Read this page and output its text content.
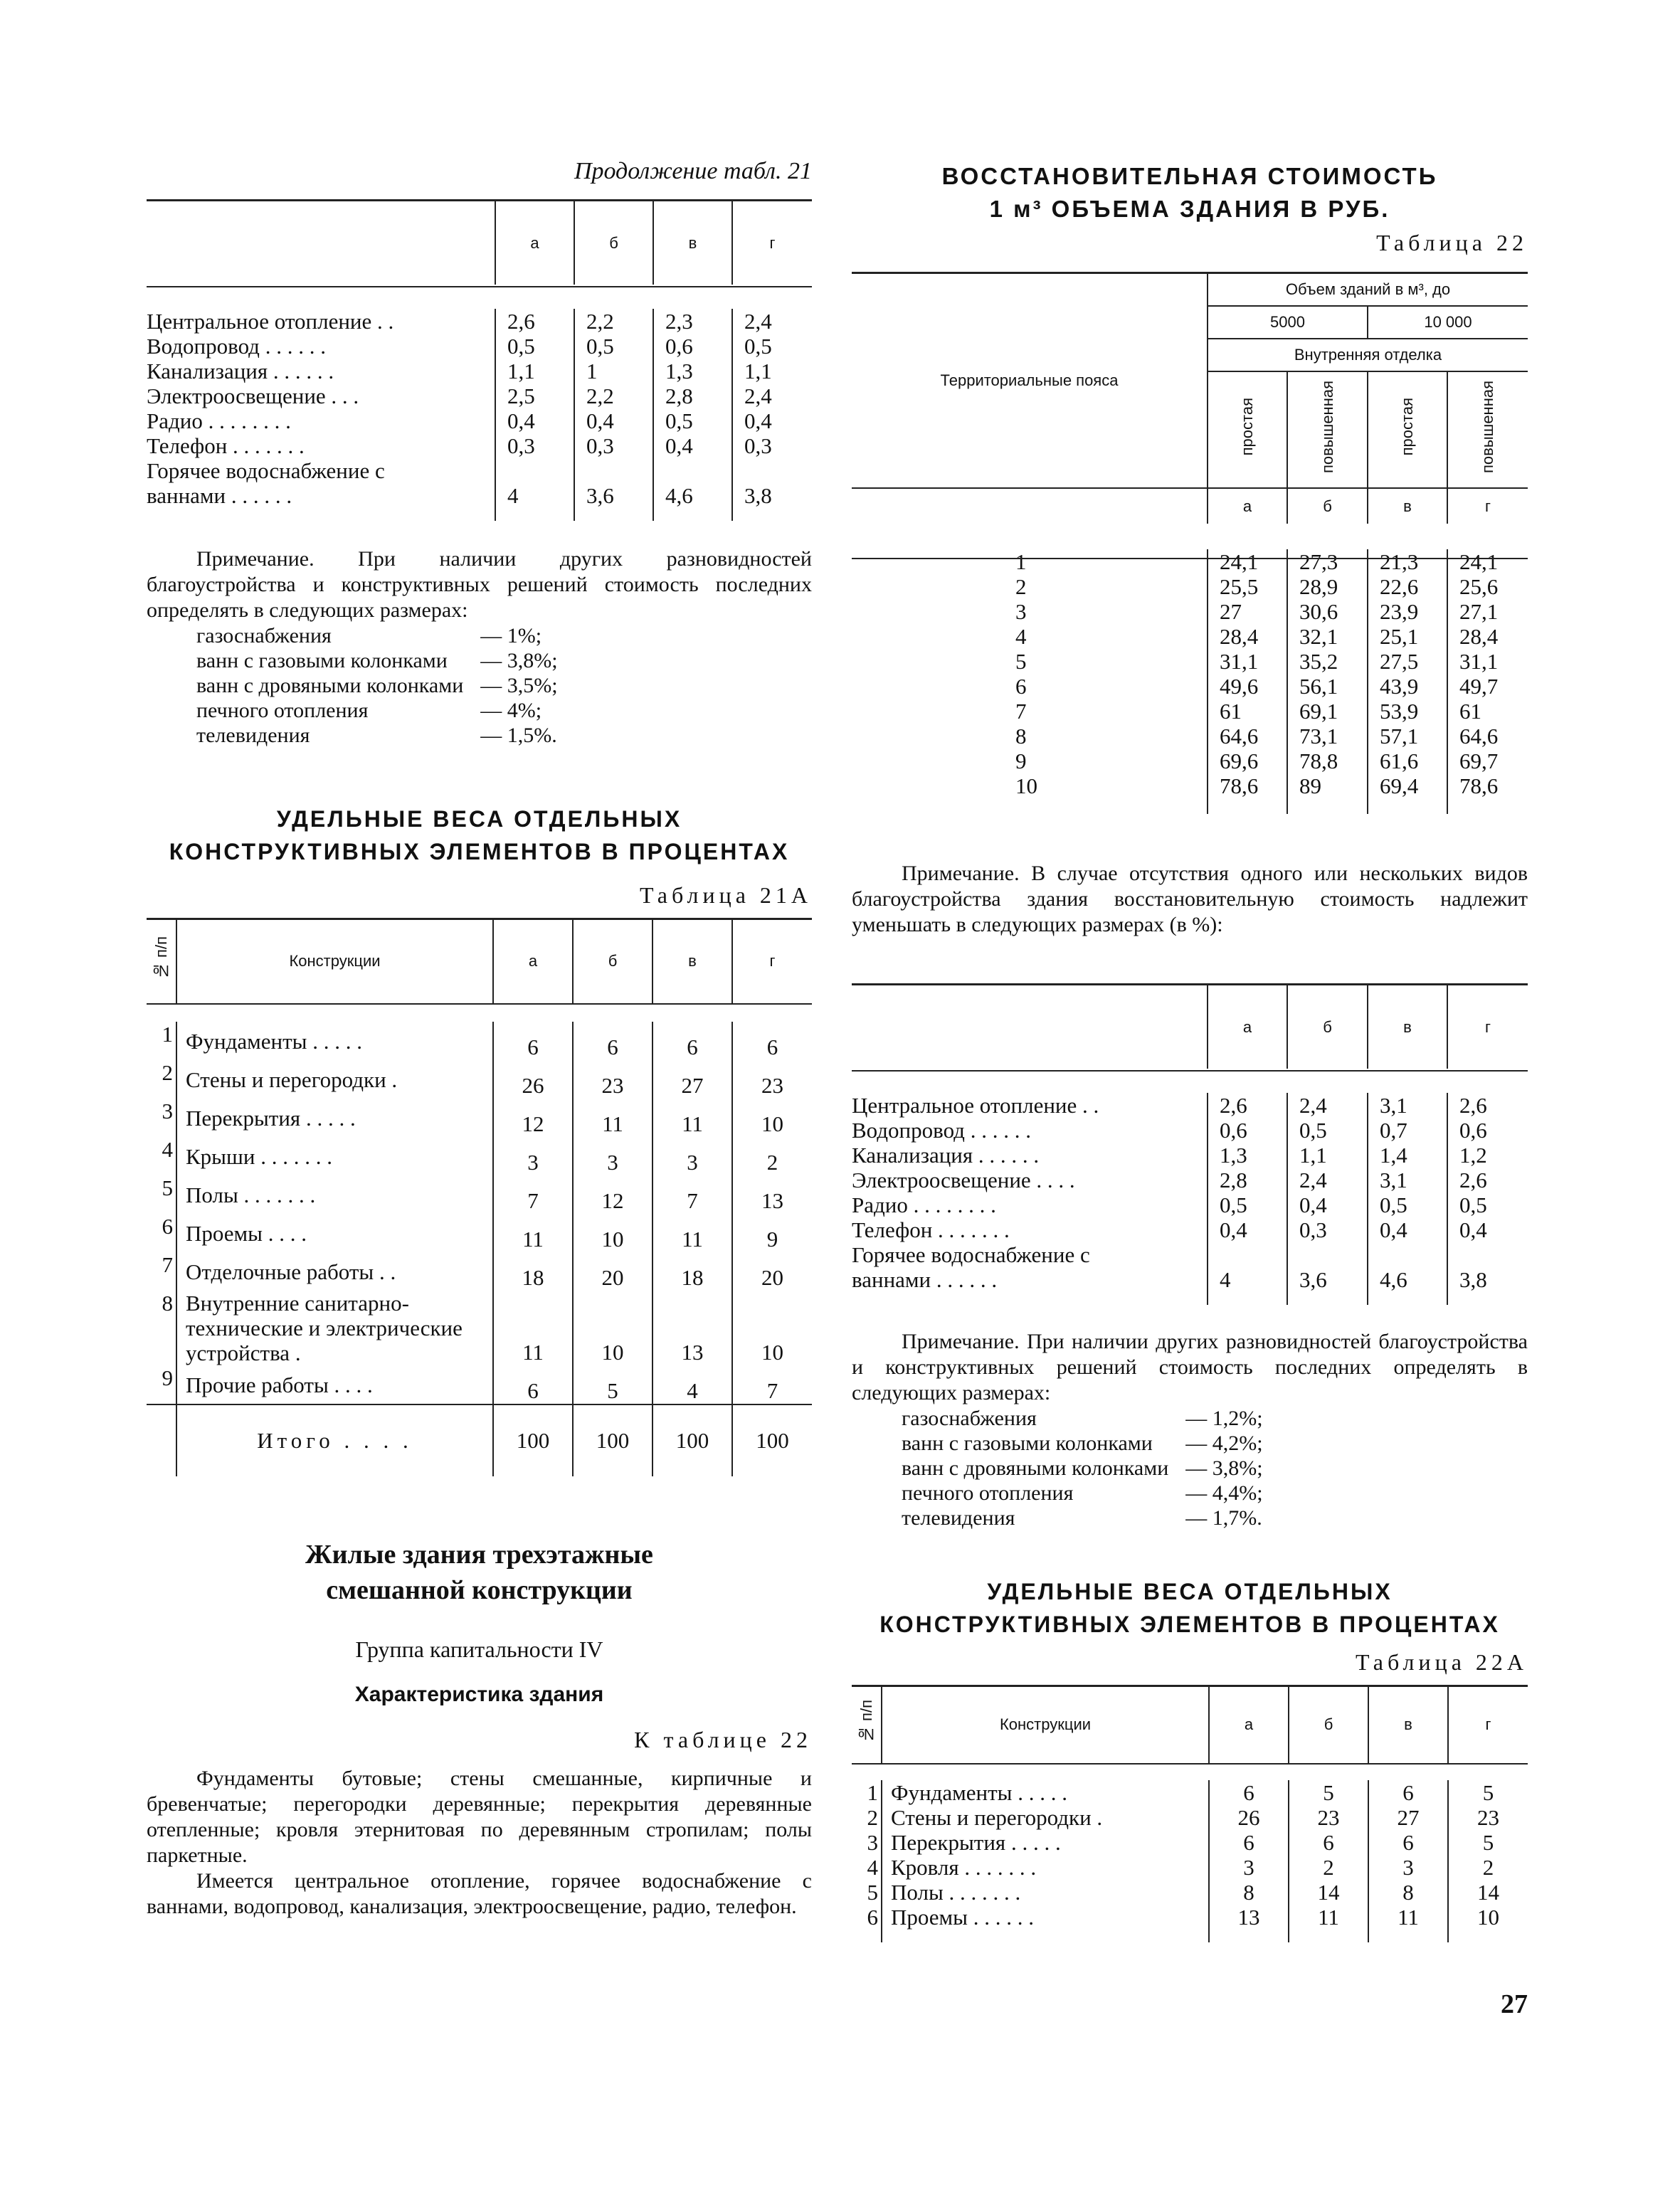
Продолжение табл. 21
	а	б	в	г
Центральное отопление . .	2,6	2,2	2,3	2,4
Водопровод . . . . . .	0,5	0,5	0,6	0,5
Канализация . . . . . .	1,1	1	1,3	1,1
Электроосвещение . . .	2,5	2,2	2,8	2,4
Радио . . . . . . . .	0,4	0,4	0,5	0,4
Телефон . . . . . . .	0,3	0,3	0,4	0,3
Горячее водоснабжение с				
ваннами . . . . . .	4	3,6	4,6	3,8

Примечание. При наличии других разновидностей благоустройства и конструктивных решений стоимость последних определять в следующих размерах:
газоснабжения	— 1%;
ванн с газовыми колонками	— 3,8%;
ванн с дровяными колонками	— 3,5%;
печного отопления	— 4%;
телевидения	— 1,5%.
УДЕЛЬНЫЕ ВЕСА ОТДЕЛЬНЫХ
КОНСТРУКТИВНЫХ ЭЛЕМЕНТОВ В ПРОЦЕНТАХ
Таблица 21А
№ п/п	Конструкции	а	б	в	г
1	Фундаменты . . . . .	6	6	6	6
2	Стены и перегородки .	26	23	27	23
3	Перекрытия . . . . .	12	11	11	10
4	Крыши . . . . . . .	3	3	3	2
5	Полы . . . . . . .	7	12	7	13
6	Проемы . . . .	11	10	11	9
7	Отделочные работы . .	18	20	18	20
8	Внутренние санитарно-технические и электрические устройства .	11	10	13	10
9	Прочие работы . . . .	6	5	4	7
	Итого . . . .	100	100	100	100
Жилые здания трехэтажные
смешанной конструкции
Группа капитальности IV
Характеристика здания
К таблице 22

Фундаменты бутовые; стены смешанные, кирпичные и бревенчатые; перегородки деревянные; перекрытия деревянные отепленные; кровля этернитовая по деревянным стропилам; полы паркетные.

Имеется центральное отопление, горячее водоснабжение с ваннами, водопровод, канализация, электроосвещение, радио, телефон.

ВОССТАНОВИТЕЛЬНАЯ СТОИМОСТЬ
1 м³ ОБЪЕМА ЗДАНИЯ В РУБ.
Таблица 22
Территориальные пояса	Объем зданий в м³, до			
	5000		10 000	
	Внутренняя отделка			
	простая	повышенная	простая	повышенная
	а	б	в	г
1	24,1	27,3	21,3	24,1
2	25,5	28,9	22,6	25,6
3	27	30,6	23,9	27,1
4	28,4	32,1	25,1	28,4
5	31,1	35,2	27,5	31,1
6	49,6	56,1	43,9	49,7
7	61	69,1	53,9	61
8	64,6	73,1	57,1	64,6
9	69,6	78,8	61,6	69,7
10	78,6	89	69,4	78,6

Примечание. В случае отсутствия одного или нескольких видов благоустройства здания восстановительную стоимость надлежит уменьшать в следующих размерах (в %):
	а	б	в	г
Центральное отопление . .	2,6	2,4	3,1	2,6
Водопровод . . . . . .	0,6	0,5	0,7	0,6
Канализация . . . . . .	1,3	1,1	1,4	1,2
Электроосвещение . . . .	2,8	2,4	3,1	2,6
Радио . . . . . . . .	0,5	0,4	0,5	0,5
Телефон . . . . . . .	0,4	0,3	0,4	0,4
Горячее водоснабжение с				
ваннами . . . . . .	4	3,6	4,6	3,8

Примечание. При наличии других разновидностей благоустройства и конструктивных решений стоимость последних определять в следующих размерах:
газоснабжения	— 1,2%;
ванн с газовыми колонками	— 4,2%;
ванн с дровяными колонками	— 3,8%;
печного отопления	— 4,4%;
телевидения	— 1,7%.
УДЕЛЬНЫЕ ВЕСА ОТДЕЛЬНЫХ
КОНСТРУКТИВНЫХ ЭЛЕМЕНТОВ В ПРОЦЕНТАХ
Таблица 22А
№ п/п	Конструкции	а	б	в	г
1	Фундаменты . . . . .	6	5	6	5
2	Стены и перегородки .	26	23	27	23
3	Перекрытия . . . . .	6	6	6	5
4	Кровля . . . . . . .	3	2	3	2
5	Полы . . . . . . .	8	14	8	14
6	Проемы . . . . . .	13	11	11	10

27
